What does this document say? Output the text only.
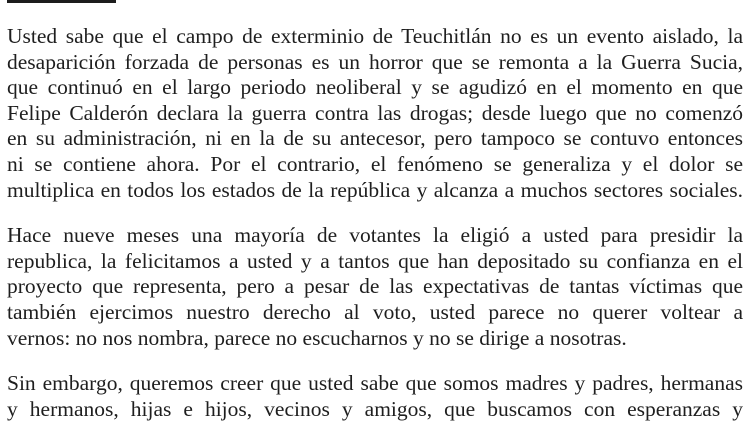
Usted sabe que el campo de exterminio de Teuchitlán no es un evento aislado, la
desaparición forzada de personas es un horror que se remonta a la Guerra Sucia,
que continuó en el largo periodo neoliberal y se agudizó en el momento en que
Felipe Calderón declara la guerra contra las drogas; desde luego que no comenzó
en su administración, ni en la de su antecesor, pero tampoco se contuvo entonces
ni se contiene ahora. Por el contrario, el fenómeno se generaliza y el dolor se
multiplica en todos los estados de la república y alcanza a muchos sectores sociales.
Hace nueve meses una mayoría de votantes la eligió a usted para presidir la
republica, la felicitamos a usted y a tantos que han depositado su confianza en el
proyecto que representa, pero a pesar de las expectativas de tantas víctimas que
también ejercimos nuestro derecho al voto, usted parece no querer voltear a
vernos: no nos nombra, parece no escucharnos y no se dirige a nosotras.
Sin embargo, queremos creer que usted sabe que somos madres y padres, hermanas
y hermanos, hijas e hijos, vecinos y amigos, que buscamos con esperanzas y
